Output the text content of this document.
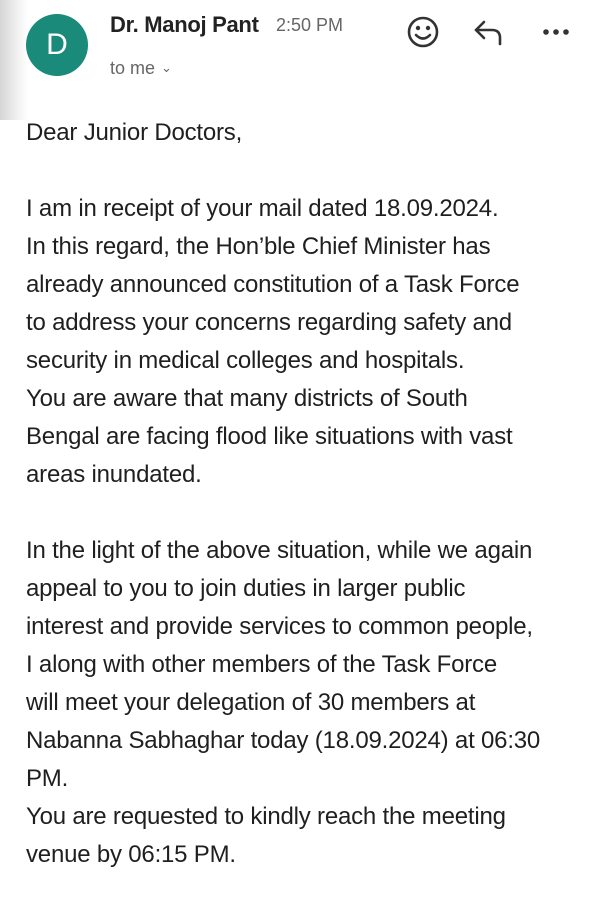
D
Dr. Manoj Pant 2:50 PM
to me ⌄

Dear Junior Doctors,

I am in receipt of your mail dated 18.09.2024.

In this regard, the Hon’ble Chief Minister has

already announced constitution of a Task Force

to address your concerns regarding safety and

security in medical colleges and hospitals.

You are aware that many districts of South

Bengal are facing flood like situations with vast

areas inundated.

In the light of the above situation, while we again

appeal to you to join duties in larger public

interest and provide services to common people,

I along with other members of the Task Force

will meet your delegation of 30 members at

Nabanna Sabhaghar today (18.09.2024) at 06:30

PM.

You are requested to kindly reach the meeting

venue by 06:15 PM.
